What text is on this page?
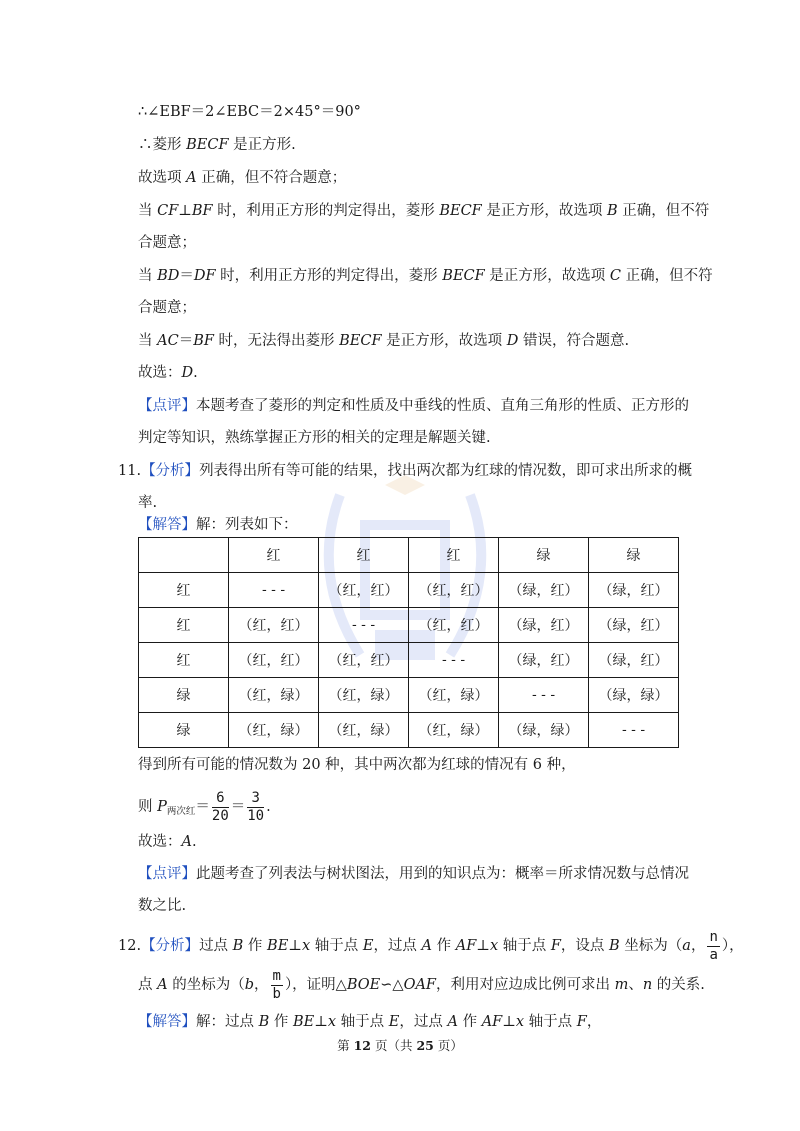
∴∠EBF＝2∠EBC＝2×45°＝90°
∴菱形 BECF 是正方形.
故选项 A 正确，但不符合题意；
当 CF⊥BF 时，利用正方形的判定得出，菱形 BECF 是正方形，故选项 B 正确，但不符
合题意；
当 BD＝DF 时，利用正方形的判定得出，菱形 BECF 是正方形，故选项 C 正确，但不符
合题意；
当 AC＝BF 时，无法得出菱形 BECF 是正方形，故选项 D 错误，符合题意.
故选：D.
【点评】本题考查了菱形的判定和性质及中垂线的性质、直角三角形的性质、正方形的
判定等知识，熟练掌握正方形的相关的定理是解题关键.
11.【分析】列表得出所有等可能的结果，找出两次都为红球的情况数，即可求出所求的概
率.
【解答】解：列表如下：
	红	红	红	绿	绿
红	- - -	（红，红）	（红，红）	（绿，红）	（绿，红）
红	（红，红）	- - -	（红，红）	（绿，红）	（绿，红）
红	（红，红）	（红，红）	- - -	（绿，红）	（绿，红）
绿	（红，绿）	（红，绿）	（红，绿）	- - -	（绿，绿）
绿	（红，绿）	（红，绿）	（红，绿）	（绿，绿）	- - -
得到所有可能的情况数为 20 种，其中两次都为红球的情况有 6 种，
则 $P_{两次红}= \frac{6}{20} = \frac{3}{10}$ .
故选：A.
【点评】此题考查了列表法与树状图法，用到的知识点为：概率＝所求情况数与总情况
数之比.
12.【分析】过点 B 作 BE⊥x 轴于点 E，过点 A 作 AF⊥x 轴于点 F，设点 B 坐标为（a， $\frac{n}{a}$ ），
点 A 的坐标为（b， $\frac{m}{b}$ ），证明△BOE∽△OAF，利用对应边成比例可求出 m、n 的关系.
【解答】解：过点 B 作 BE⊥x 轴于点 E，过点 A 作 AF⊥x 轴于点 F，
第 12 页（共 25 页）
